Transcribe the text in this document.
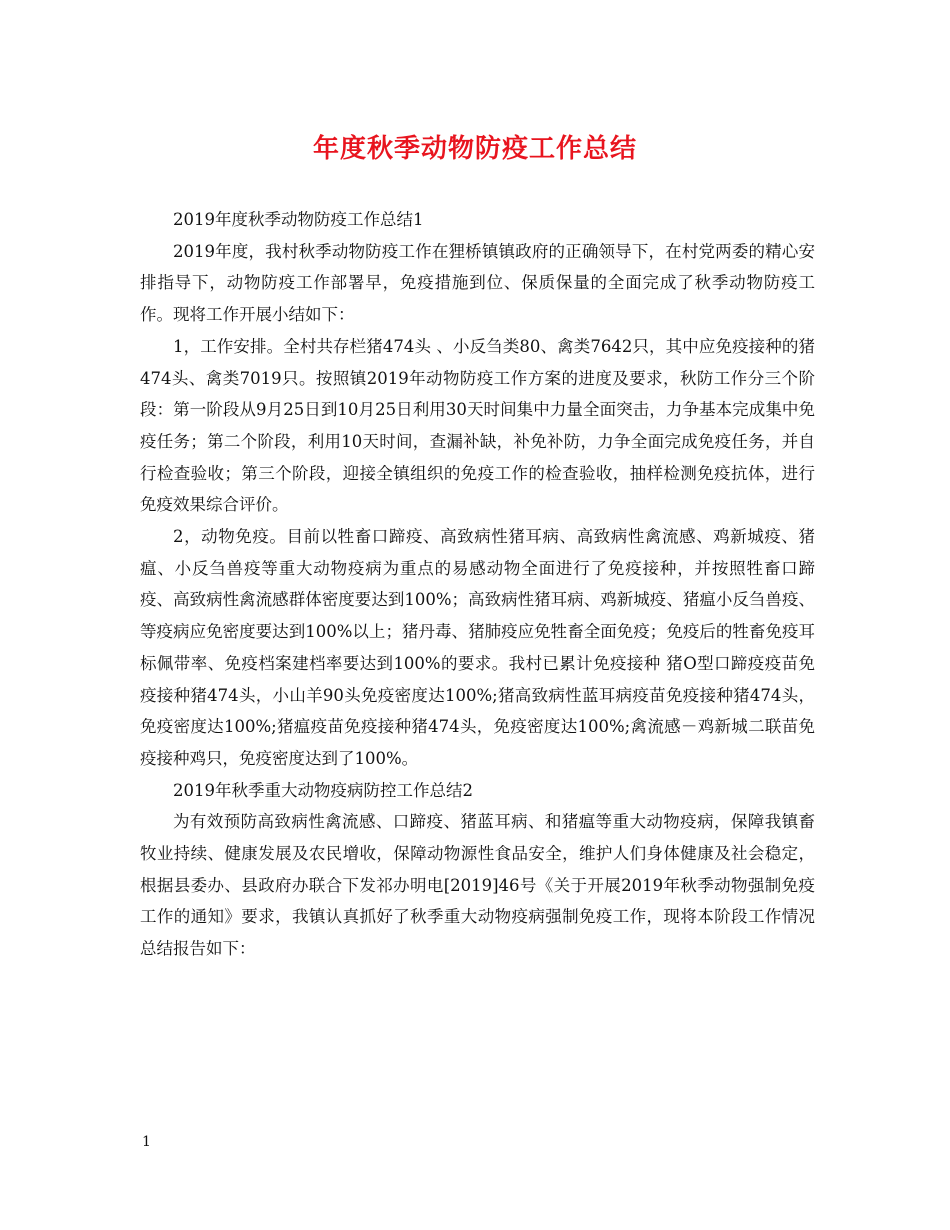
年度秋季动物防疫工作总结

2019年度秋季动物防疫工作总结1

2019年度，我村秋季动物防疫工作在狸桥镇镇政府的正确领导下，在村党两委的精心安排指导下，动物防疫工作部署早，免疫措施到位、保质保量的全面完成了秋季动物防疫工作。现将工作开展小结如下：

1，工作安排。全村共存栏猪474头 、小反刍类80、禽类7642只，其中应免疫接种的猪 474头、禽类7019只。按照镇2019年动物防疫工作方案的进度及要求，秋防工作分三个阶段：第一阶段从9月25日到10月25日利用30天时间集中力量全面突击，力争基本完成集中免疫任务；第二个阶段，利用10天时间，查漏补缺，补免补防，力争全面完成免疫任务，并自行检查验收；第三个阶段，迎接全镇组织的免疫工作的检查验收，抽样检测免疫抗体，进行免疫效果综合评价。

2，动物免疫。目前以牲畜口蹄疫、高致病性猪耳病、高致病性禽流感、鸡新城疫、猪瘟、小反刍兽疫等重大动物疫病为重点的易感动物全面进行了免疫接种，并按照牲畜口蹄疫、高致病性禽流感群体密度要达到100%；高致病性猪耳病、鸡新城疫、猪瘟小反刍兽疫、等疫病应免密度要达到100%以上；猪丹毒、猪肺疫应免牲畜全面免疫；免疫后的牲畜免疫耳标佩带率、免疫档案建档率要达到100%的要求。我村已累计免疫接种 猪O型口蹄疫疫苗免疫接种猪474头，小山羊90头免疫密度达100%;猪高致病性蓝耳病疫苗免疫接种猪474头，免疫密度达100%;猪瘟疫苗免疫接种猪474头，免疫密度达100%;禽流感－鸡新城二联苗免疫接种鸡只，免疫密度达到了100%。

2019年秋季重大动物疫病防控工作总结2

为有效预防高致病性禽流感、口蹄疫、猪蓝耳病、和猪瘟等重大动物疫病，保障我镇畜牧业持续、健康发展及农民增收，保障动物源性食品安全，维护人们身体健康及社会稳定，根据县委办、县政府办联合下发祁办明电[2019]46号《关于开展2019年秋季动物强制免疫工作的通知》要求，我镇认真抓好了秋季重大动物疫病强制免疫工作，现将本阶段工作情况总结报告如下：

1
